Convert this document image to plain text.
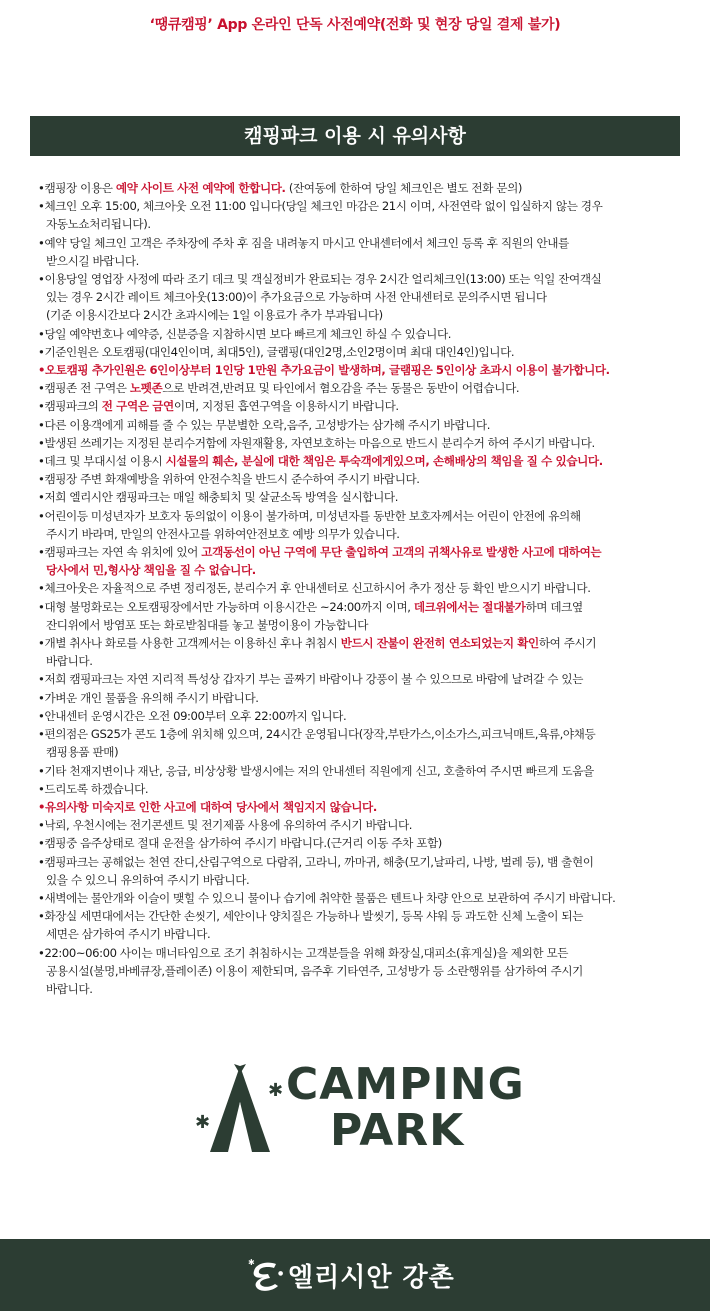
‘땡큐캠핑’ App 온라인 단독 사전예약(전화 및 현장 당일 결제 불가)
캠핑파크 이용 시 유의사항
•캠핑장 이용은 예약 사이트 사전 예약에 한합니다. (잔여동에 한하여 당일 체크인은 별도 전화 문의)
•체크인 오후 15:00, 체크아웃 오전 11:00 입니다(당일 체크인 마감은 21시 이며, 사전연락 없이 입실하지 않는 경우
자동노쇼처리됩니다).
•예약 당일 체크인 고객은 주차장에 주차 후 짐을 내려놓지 마시고 안내센터에서 체크인 등록 후 직원의 안내를
받으시길 바랍니다.
•이용당일 영업장 사정에 따라 조기 데크 및 객실정비가 완료되는 경우 2시간 얼리체크인(13:00) 또는 익일 잔여객실
있는 경우 2시간 레이트 체크아웃(13:00)이 추가요금으로 가능하며 사전 안내센터로 문의주시면 됩니다
(기준 이용시간보다 2시간 초과시에는 1일 이용료가 추가 부과됩니다)
•당일 예약번호나 예약증, 신분증을 지참하시면 보다 빠르게 체크인 하실 수 있습니다.
•기준인원은 오토캠핑(대인4인이며, 최대5인), 글램핑(대인2명,소인2명이며 최대 대인4인)입니다.
•오토캠핑 추가인원은 6인이상부터 1인당 1만원 추가요금이 발생하며, 글램핑은 5인이상 초과시 이용이 불가합니다.
•캠핑존 전 구역은 노펫존으로 반려견,반려묘 및 타인에서 혐오감을 주는 동물은 동반이 어렵습니다.
•캠핑파크의 전 구역은 금연이며, 지정된 흡연구역을 이용하시기 바랍니다.
•다른 이용객에게 피해를 줄 수 있는 무분별한 오락,음주, 고성방가는 삼가해 주시기 바랍니다.
•발생된 쓰레기는 지정된 분리수거함에 자원재활용, 자연보호하는 마음으로 반드시 분리수거 하여 주시기 바랍니다.
•데크 및 부대시설 이용시 시설물의 훼손, 분실에 대한 책임은 투숙객에게있으며, 손해배상의 책임을 질 수 있습니다.
•캠핑장 주변 화재예방을 위하여 안전수칙을 반드시 준수하여 주시기 바랍니다.
•저희 엘리시안 캠핑파크는 매일 해충퇴치 및 살균소독 방역을 실시합니다.
•어린이등 미성년자가 보호자 동의없이 이용이 불가하며, 미성년자를 동반한 보호자께서는 어린이 안전에 유의해
주시기 바라며, 만일의 안전사고를 위하여안전보호 예방 의무가 있습니다.
•캠핑파크는 자연 속 위치에 있어 고객동선이 아닌 구역에 무단 출입하여 고객의 귀책사유로 발생한 사고에 대하여는
당사에서 민,형사상 책임을 질 수 없습니다.
•체크아웃은 자율적으로 주변 정리정돈, 분리수거 후 안내센터로 신고하시어 추가 정산 등 확인 받으시기 바랍니다.
•대형 불멍화로는 오토캠핑장에서만 가능하며 이용시간은 ~24:00까지 이며, 데크위에서는 절대불가하며 데크옆
잔디위에서 방염포 또는 화로받침대를 놓고 불멍이용이 가능합니다
•개별 취사나 화로를 사용한 고객께서는 이용하신 후나 취침시 반드시 잔불이 완전히 연소되었는지 확인하여 주시기
바랍니다.
•저희 캠핑파크는 자연 지리적 특성상 갑자기 부는 골짜기 바람이나 강풍이 불 수 있으므로 바람에 날려갈 수 있는
•가벼운 개인 물품을 유의해 주시기 바랍니다.
•안내센터 운영시간은 오전 09:00부터 오후 22:00까지 입니다.
•편의점은 GS25가 콘도 1층에 위치해 있으며, 24시간 운영됩니다(장작,부탄가스,이소가스,피크닉매트,육류,야채등
캠핑용품 판매)
•기타 천재지변이나 재난, 응급, 비상상황 발생시에는 저의 안내센터 직원에게 신고, 호출하여 주시면 빠르게 도움을
•드리도록 하겠습니다.
•유의사항 미숙지로 인한 사고에 대하여 당사에서 책임지지 않습니다.
•낙뢰, 우천시에는 전기콘센트 및 전기제품 사용에 유의하여 주시기 바랍니다.
•캠핑중 음주상태로 절대 운전을 삼가하여 주시기 바랍니다.(근거리 이동 주차 포함)
•캠핑파크는 공해없는 천연 잔디,산림구역으로 다람쥐, 고라니, 까마귀, 해충(모기,날파리, 나방, 벌레 등), 뱀 출현이
있을 수 있으니 유의하여 주시기 바랍니다.
•새벽에는 물안개와 이슬이 맺힐 수 있으니 물이나 습기에 취약한 물품은 텐트나 차량 안으로 보관하여 주시기 바랍니다.
•화장실 세면대에서는 간단한 손씻기, 세안이나 양치질은 가능하나 발씻기, 등목 샤워 등 과도한 신체 노출이 되는
세면은 삼가하여 주시기 바랍니다.
•22:00~06:00 사이는 매너타임으로 조기 취침하시는 고객분들을 위해 화장실,대피소(휴게실)을 제외한 모든
공용시설(불멍,바베큐장,플레이존) 이용이 제한되며, 음주후 기타연주, 고성방가 등 소란행위를 삼가하여 주시기
바랍니다.
✱
✱ CAMPING
PARK
✱
● 엘리시안 강촌
